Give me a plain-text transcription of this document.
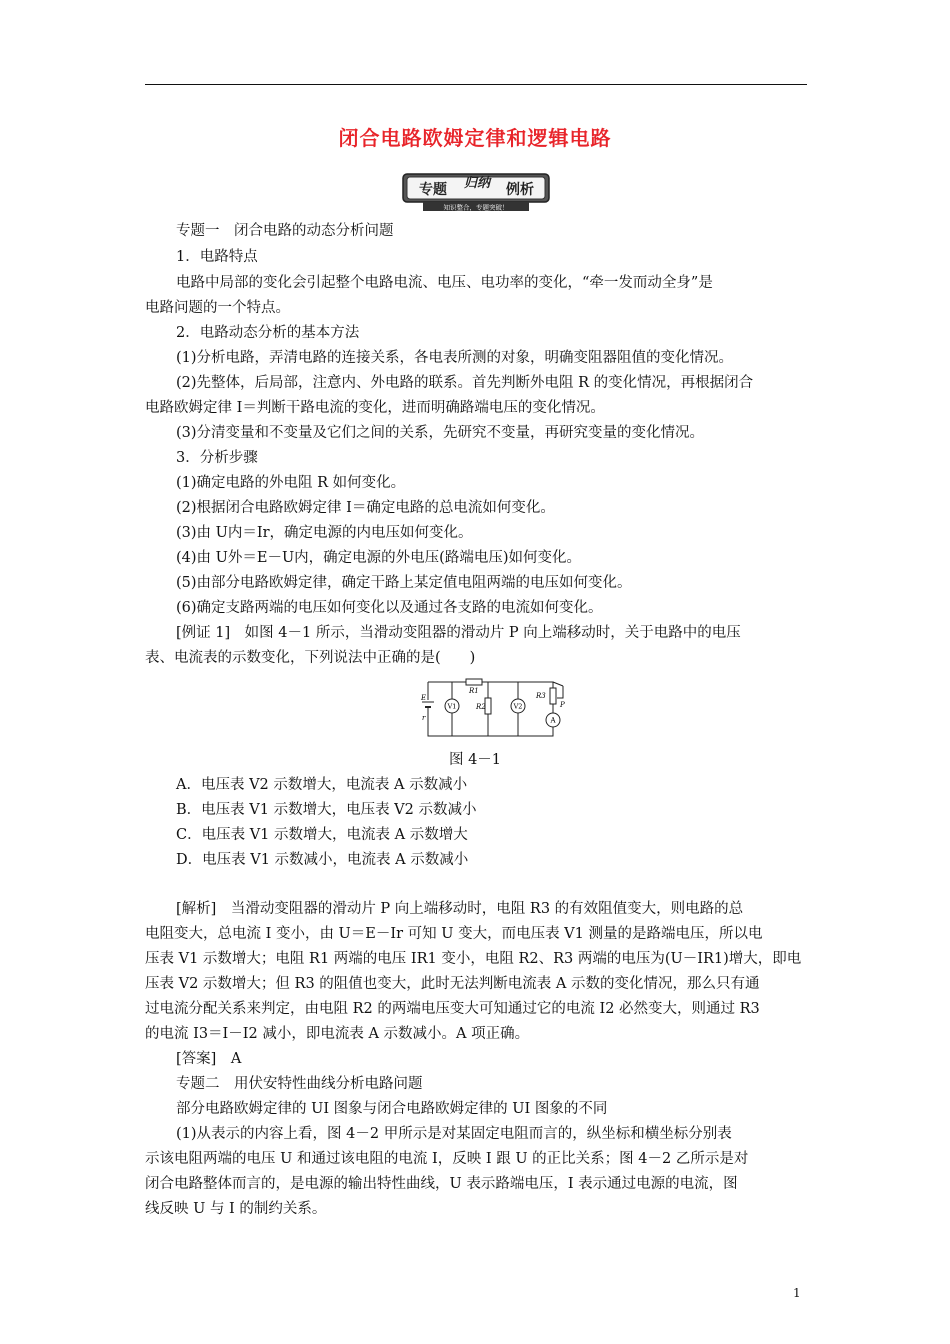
闭合电路欧姆定律和逻辑电路
专题 归纳 例析
知识整合，专题突破！
专题一　闭合电路的动态分析问题
1．电路特点
电路中局部的变化会引起整个电路电流、电压、电功率的变化，“牵一发而动全身”是
电路问题的一个特点。
2．电路动态分析的基本方法
(1)分析电路，弄清电路的连接关系，各电表所测的对象，明确变阻器阻值的变化情况。
(2)先整体，后局部，注意内、外电路的联系。首先判断外电阻 R 的变化情况，再根据闭合
电路欧姆定律 I＝判断干路电流的变化，进而明确路端电压的变化情况。
(3)分清变量和不变量及它们之间的关系，先研究不变量，再研究变量的变化情况。
3．分析步骤
(1)确定电路的外电阻 R 如何变化。
(2)根据闭合电路欧姆定律 I＝确定电路的总电流如何变化。
(3)由 U内＝Ir，确定电源的内电压如何变化。
(4)由 U外＝E－U内，确定电源的外电压(路端电压)如何变化。
(5)由部分电路欧姆定律，确定干路上某定值电阻两端的电压如何变化。
(6)确定支路两端的电压如何变化以及通过各支路的电流如何变化。
[例证 1]　如图 4－1 所示，当滑动变阻器的滑动片 P 向上端移动时，关于电路中的电压
表、电流表的示数变化，下列说法中正确的是(　　)
E
r
R1
R2
R3
V1	V2
A
P
图 4－1
A．电压表 V2 示数增大，电流表 A 示数减小
B．电压表 V1 示数增大，电压表 V2 示数减小
C．电压表 V1 示数增大，电流表 A 示数增大
D．电压表 V1 示数减小，电流表 A 示数减小
[解析]　当滑动变阻器的滑动片 P 向上端移动时，电阻 R3 的有效阻值变大，则电路的总
电阻变大，总电流 I 变小，由 U＝E－Ir 可知 U 变大，而电压表 V1 测量的是路端电压，所以电
压表 V1 示数增大；电阻 R1 两端的电压 IR1 变小，电阻 R2、R3 两端的电压为(U－IR1)增大，即电
压表 V2 示数增大；但 R3 的阻值也变大，此时无法判断电流表 A 示数的变化情况，那么只有通
过电流分配关系来判定，由电阻 R2 的两端电压变大可知通过它的电流 I2 必然变大，则通过 R3
的电流 I3＝I－I2 减小，即电流表 A 示数减小。A 项正确。
[答案]　A
专题二　用伏安特性曲线分析电路问题
部分电路欧姆定律的 UI 图象与闭合电路欧姆定律的 UI 图象的不同
(1)从表示的内容上看，图 4－2 甲所示是对某固定电阻而言的，纵坐标和横坐标分别表
示该电阻两端的电压 U 和通过该电阻的电流 I，反映 I 跟 U 的正比关系；图 4－2 乙所示是对
闭合电路整体而言的，是电源的输出特性曲线，U 表示路端电压，I 表示通过电源的电流，图
线反映 U 与 I 的制约关系。
1
